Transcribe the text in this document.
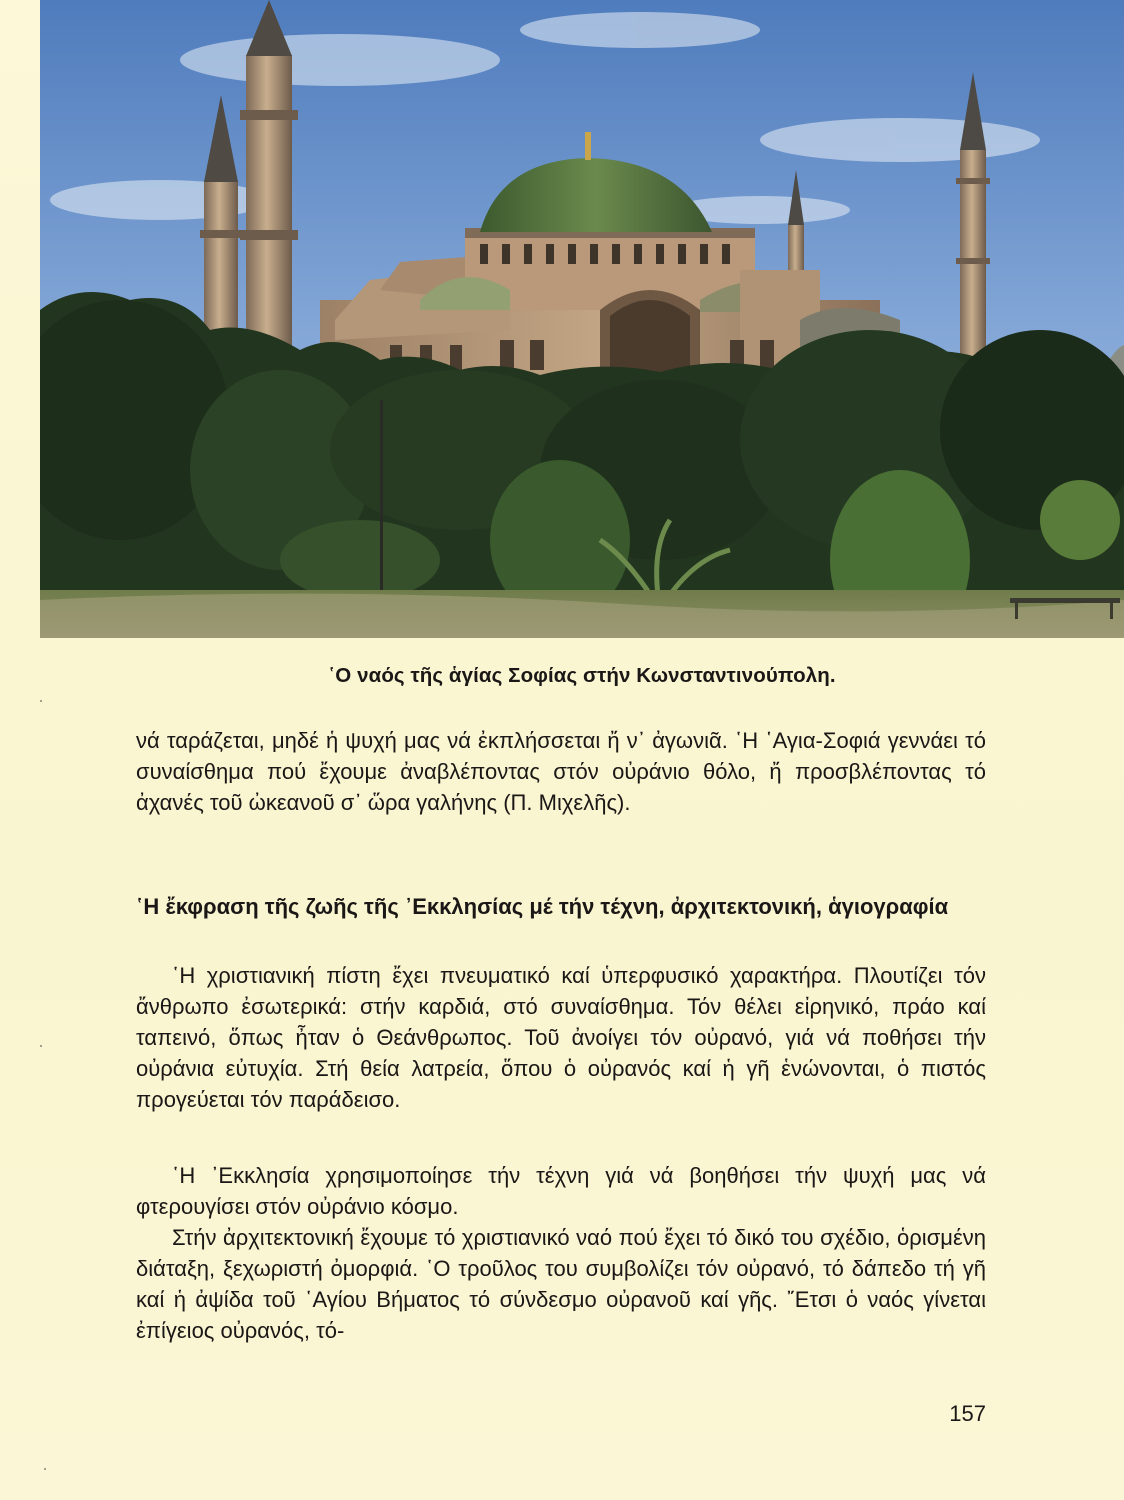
῾Ο ναός τῆς ἁγίας Σοφίας στήν Κωνσταντινούπολη.

νά ταράζεται, μηδέ ἡ ψυχή μας νά ἐκπλήσσεται ἤ ν᾽ ἀγωνιᾶ. ῾Η ῾Αγια-Σοφιά γεννάει τό συναίσθημα πού ἔχουμε ἀναβλέποντας στόν οὐράνιο θόλο, ἤ προσβλέποντας τό ἀχανές τοῦ ὠκεανοῦ σ᾽ ὥρα γαλήνης (Π. Μιχελῆς).

῾Η ἔκφραση τῆς ζωῆς τῆς ᾽Εκκλησίας μέ τήν τέχνη, ἀρχιτεκτονική, ἁγιογραφία

῾Η χριστιανική πίστη ἔχει πνευματικό καί ὑπερφυσικό χαρακτήρα. Πλουτίζει τόν ἄνθρωπο ἐσωτερικά: στήν καρδιά, στό συναίσθημα. Τόν θέλει εἰρηνικό, πράο καί ταπεινό, ὅπως ἦταν ὁ Θεάνθρωπος. Τοῦ ἀνοίγει τόν οὐρανό, γιά νά ποθήσει τήν οὐράνια εὐτυχία. Στή θεία λατρεία, ὅπου ὁ οὐρανός καί ἡ γῆ ἑνώνονται, ὁ πιστός προγεύεται τόν παράδεισο.

῾Η ᾽Εκκλησία χρησιμοποίησε τήν τέχνη γιά νά βοηθήσει τήν ψυχή μας νά φτερουγίσει στόν οὐράνιο κόσμο.

Στήν ἀρχιτεκτονική ἔχουμε τό χριστιανικό ναό πού ἔχει τό δικό του σχέδιο, ὁρισμένη διάταξη, ξεχωριστή ὀμορφιά. ῾Ο τροῦλος του συμβολίζει τόν οὐρανό, τό δάπεδο τή γῆ καί ἡ ἀψίδα τοῦ ῾Αγίου Βήματος τό σύνδεσμο οὐρανοῦ καί γῆς. ῎Ετσι ὁ ναός γίνεται ἐπίγειος οὐρανός, τό-

157
